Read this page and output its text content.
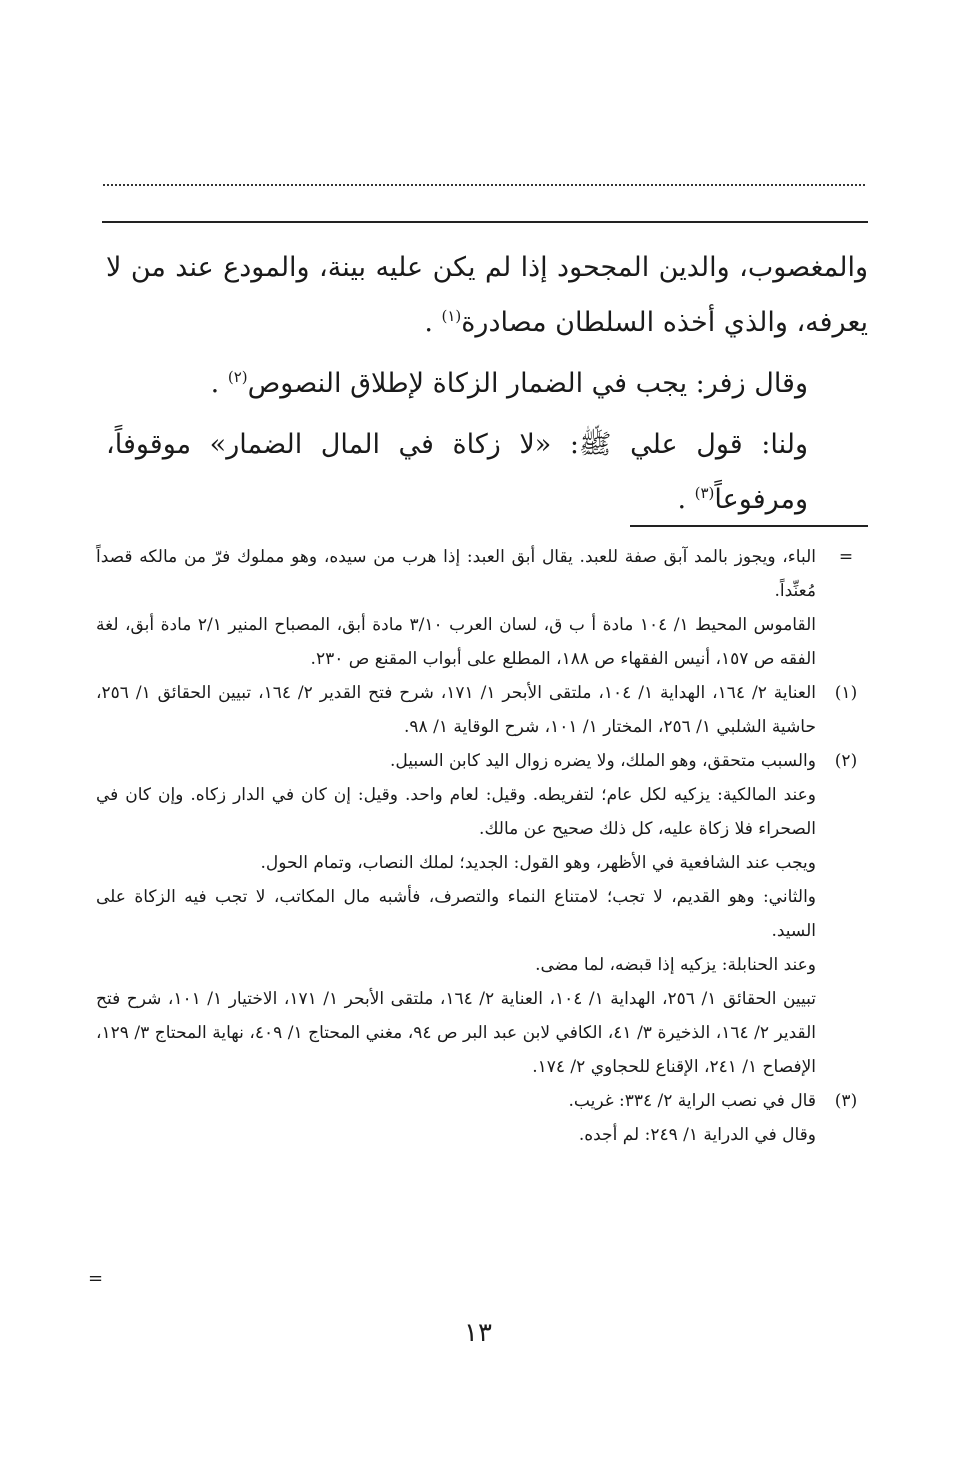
والمغصوب، والدين المجحود إذا لم يكن عليه بينة، والمودع عند من لا يعرفه، والذي أخذه السلطان مصادرة$^{(١)}$ .

وقال زفر: يجب في الضمار الزكاة لإطلاق النصوص$^{(٢)}$ .

ولنا: قول علي ﷺ: «لا زكاة في المال الضمار» موقوفاً، ومرفوعاً$^{(٣)}$ .

=

الباء، ويجوز بالمد آبق صفة للعبد. يقال أبق العبد: إذا هرب من سيده، وهو مملوك فرّ من مالكه قصداً مُعنِّداً.

القاموس المحيط ١/ ١٠٤ مادة أ ب ق، لسان العرب ٣/١٠ مادة أبق، المصباح المنير ٢/١ مادة أبق، لغة الفقه ص ١٥٧، أنيس الفقهاء ص ١٨٨، المطلع على أبواب المقنع ص ٢٣٠.

(١)

العناية ٢/ ١٦٤، الهداية ١/ ١٠٤، ملتقى الأبحر ١/ ١٧١، شرح فتح القدير ٢/ ١٦٤، تبيين الحقائق ١/ ٢٥٦، حاشية الشلبي ١/ ٢٥٦، المختار ١/ ١٠١، شرح الوقاية ١/ ٩٨.

(٢)

والسبب متحقق، وهو الملك، ولا يضره زوال اليد كابن السبيل.

وعند المالكية: يزكيه لكل عام؛ لتفريطه. وقيل: لعام واحد. وقيل: إن كان في الدار زكاه. وإن كان في الصحراء فلا زكاة عليه، كل ذلك صحيح عن مالك.

ويجب عند الشافعية في الأظهر، وهو القول: الجديد؛ لملك النصاب، وتمام الحول.

والثاني: وهو القديم، لا تجب؛ لامتناع النماء والتصرف، فأشبه مال المكاتب، لا تجب فيه الزكاة على السيد.

وعند الحنابلة: يزكيه إذا قبضه، لما مضى.

تبيين الحقائق ١/ ٢٥٦، الهداية ١/ ١٠٤، العناية ٢/ ١٦٤، ملتقى الأبحر ١/ ١٧١، الاختيار ١/ ١٠١، شرح فتح القدير ٢/ ١٦٤، الذخيرة ٣/ ٤١، الكافي لابن عبد البر ص ٩٤، مغني المحتاج ١/ ٤٠٩، نهاية المحتاج ٣/ ١٢٩، الإفصاح ١/ ٢٤١، الإقناع للحجاوي ٢/ ١٧٤.

(٣)

قال في نصب الراية ٢/ ٣٣٤: غريب.

وقال في الدراية ١/ ٢٤٩: لم أجده.

=
١٣
